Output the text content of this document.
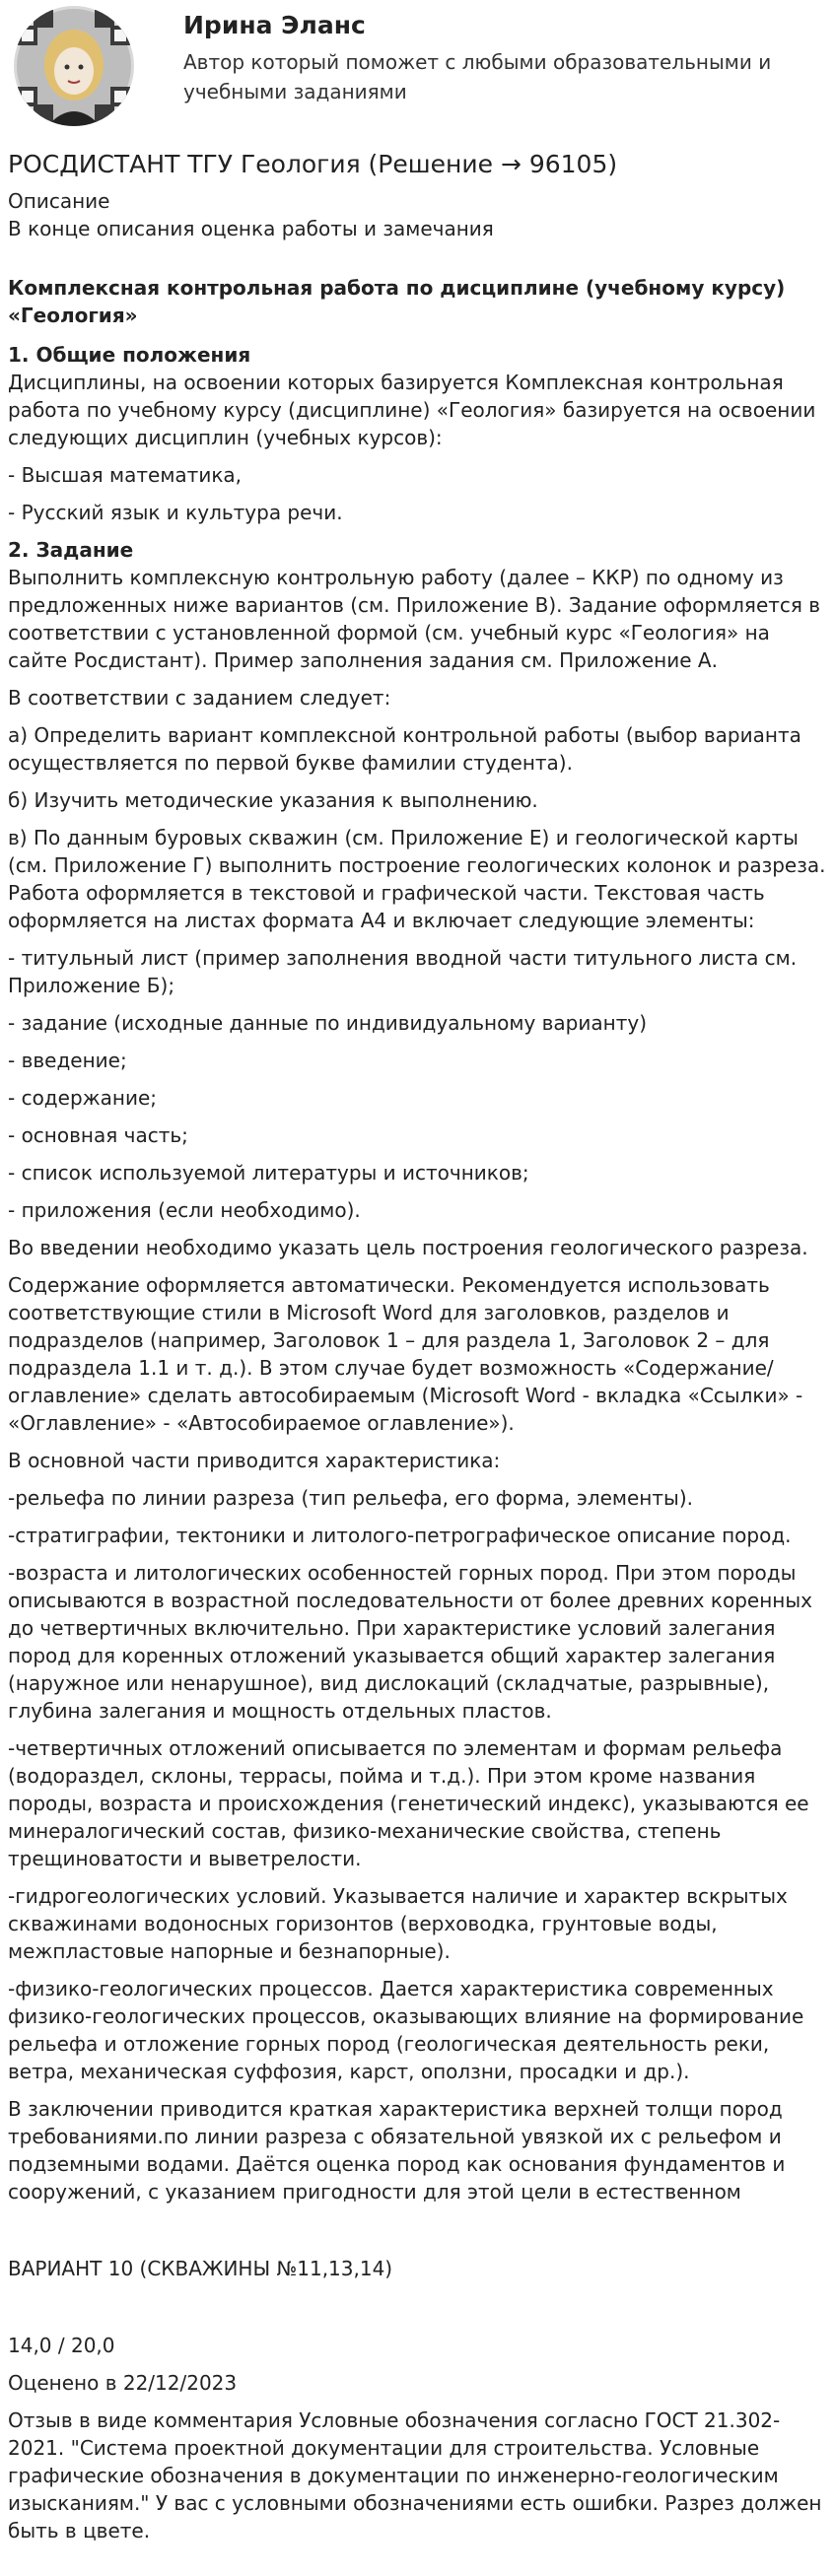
Ирина Эланс
Автор который поможет с любыми образовательными и учебными заданиями
РОСДИСТАНТ ТГУ Геология (Решение → 96105)
Описание
В конце описания оценка работы и замечания
Комплексная контрольная работа по дисциплине (учебному курсу) «Геология»
1. Общие положения
Дисциплины, на освоении которых базируется Комплексная контрольная работа по учебному курсу (дисциплине) «Геология» базируется на освоении следующих дисциплин (учебных курсов):
- Высшая математика,
- Русский язык и культура речи.
2. Задание
Выполнить комплексную контрольную работу (далее – ККР) по одному из предложенных ниже вариантов (см. Приложение В). Задание оформляется в соответствии с установленной формой (см. учебный курс «Геология» на сайте Росдистант). Пример заполнения задания см. Приложение А.
В соответствии с заданием следует:
а) Определить вариант комплексной контрольной работы (выбор варианта осуществляется по первой букве фамилии студента).
б) Изучить методические указания к выполнению.
в) По данным буровых скважин (см. Приложение Е) и геологической карты (см. Приложение Г) выполнить построение геологических колонок и разреза. Работа оформляется в текстовой и графической части. Текстовая часть оформляется на листах формата А4 и включает следующие элементы:
- титульный лист (пример заполнения вводной части титульного листа см. Приложение Б);
- задание (исходные данные по индивидуальному варианту)
- введение;
- содержание;
- основная часть;
- список используемой литературы и источников;
- приложения (если необходимо).
Во введении необходимо указать цель построения геологического разреза.
Содержание оформляется автоматически. Рекомендуется использовать соответствующие стили в Microsoft Word для заголовков, разделов и подразделов (например, Заголовок 1 – для раздела 1, Заголовок 2 – для подраздела 1.1 и т. д.). В этом случае будет возможность «Содержание/оглавление» сделать автособираемым (Microsoft Word - вкладка «Ссылки» - «Оглавление» - «Автособираемое оглавление»).
В основной части приводится характеристика:
-рельефа по линии разреза (тип рельефа, его форма, элементы).
-стратиграфии, тектоники и литолого-петрографическое описание пород.
-возраста и литологических особенностей горных пород. При этом породы описываются в возрастной последовательности от более древних коренных до четвертичных включительно. При характеристике условий залегания пород для коренных отложений указывается общий характер залегания (наружное или ненарушное), вид дислокаций (складчатые, разрывные), глубина залегания и мощность отдельных пластов.
-четвертичных отложений описывается по элементам и формам рельефа (водораздел, склоны, террасы, пойма и т.д.). При этом кроме названия породы, возраста и происхождения (генетический индекс), указываются ее минералогический состав, физико-механические свойства, степень трещиноватости и выветрелости.
-гидрогеологических условий. Указывается наличие и характер вскрытых скважинами водоносных горизонтов (верховодка, грунтовые воды, межпластовые напорные и безнапорные).
-физико-геологических процессов. Дается характеристика современных физико-геологических процессов, оказывающих влияние на формирование рельефа и отложение горных пород (геологическая деятельность реки, ветра, механическая суффозия, карст, оползни, просадки и др.).
В заключении приводится краткая характеристика верхней толщи пород требованиями.по линии разреза с обязательной увязкой их с рельефом и подземными водами. Даётся оценка пород как основания фундаментов и сооружений, с указанием пригодности для этой цели в естественном
ВАРИАНТ 10 (СКВАЖИНЫ №11,13,14)
14,0 / 20,0
Оценено в 22/12/2023
Отзыв в виде комментария Условные обозначения согласно ГОСТ 21.302-2021. "Система проектной документации для строительства. Условные графические обозначения в документации по инженерно-геологическим изысканиям." У вас с условными обозначениями есть ошибки. Разрез должен быть в цвете.
